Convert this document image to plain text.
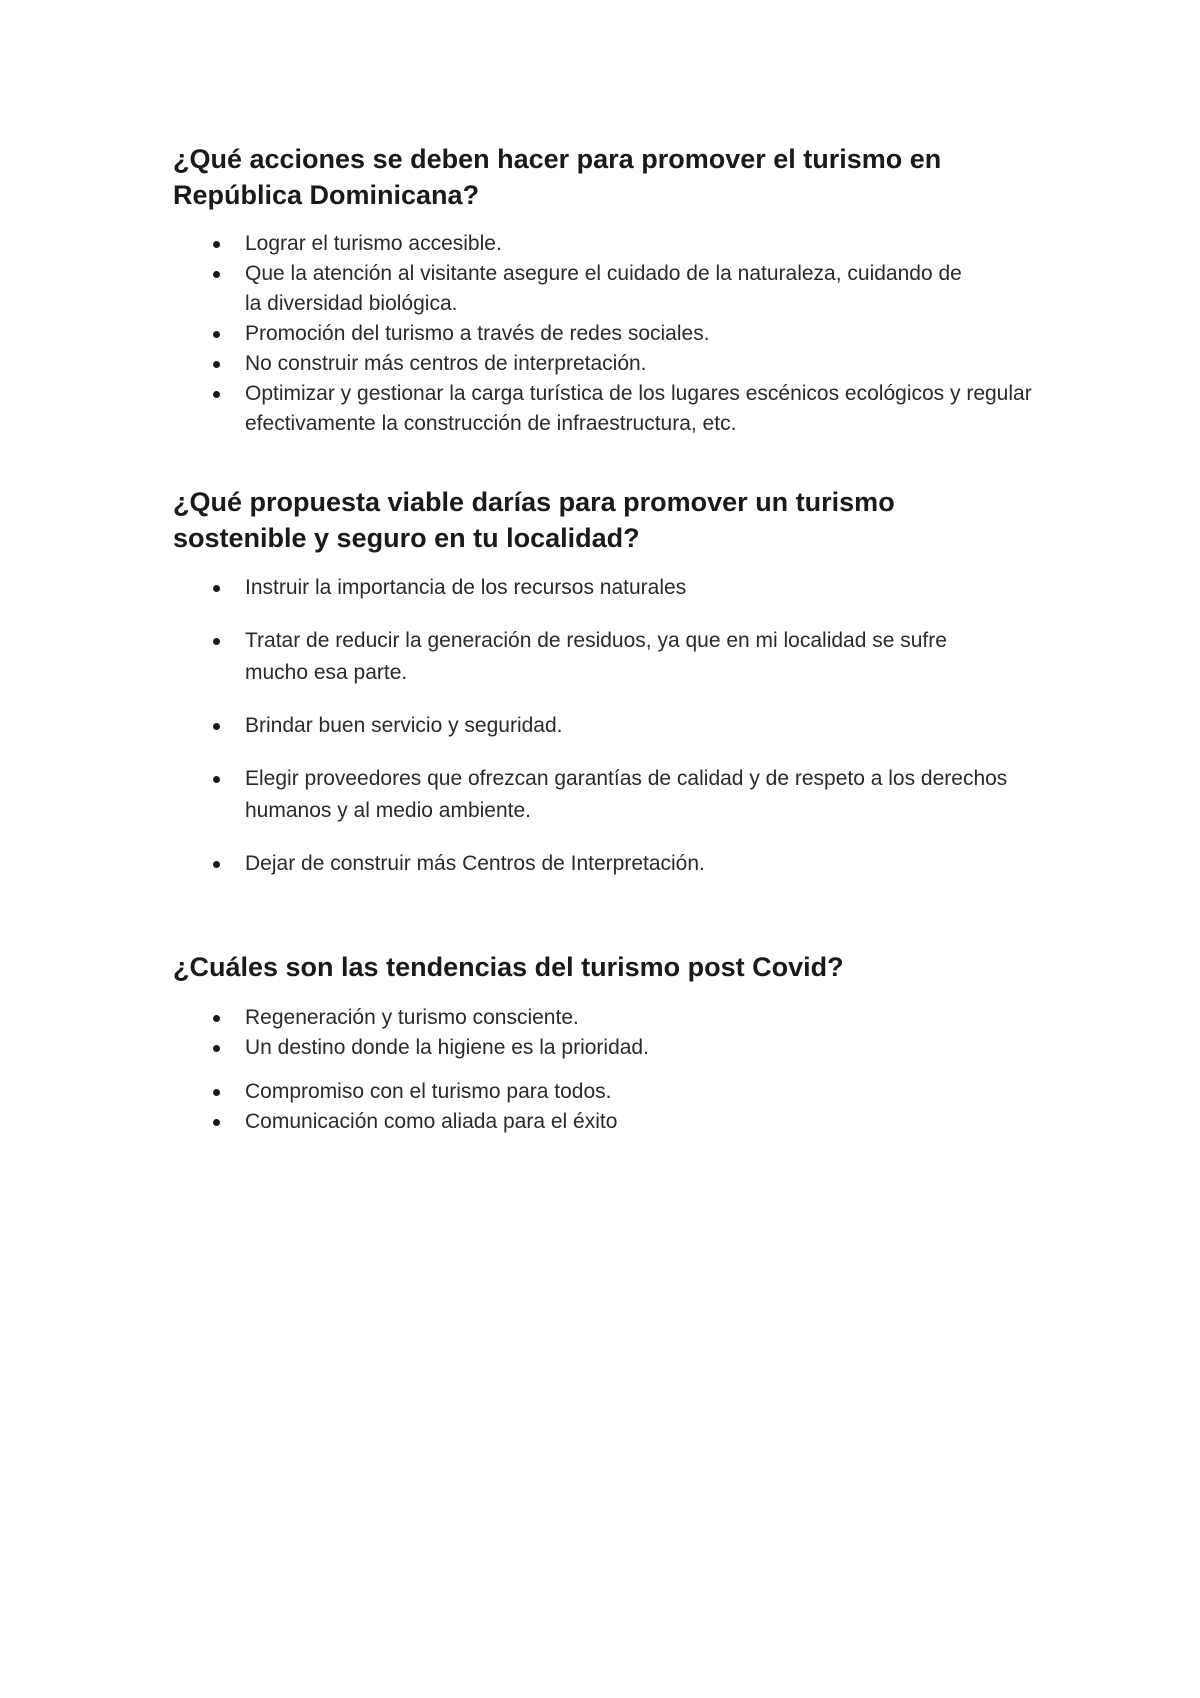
¿Qué acciones se deben hacer para promover el turismo en República Dominicana?
Lograr el turismo accesible.
Que la atención al visitante asegure el cuidado de la naturaleza, cuidando de la diversidad biológica.
Promoción del turismo a través de redes sociales.
No construir más centros de interpretación.
Optimizar y gestionar la carga turística de los lugares escénicos ecológicos y regular efectivamente la construcción de infraestructura, etc.
¿Qué propuesta viable darías para promover un turismo sostenible y seguro en tu localidad?
Instruir la importancia de los recursos naturales
Tratar de reducir la generación de residuos, ya que en mi localidad se sufre mucho esa parte.
Brindar buen servicio y seguridad.
Elegir proveedores que ofrezcan garantías de calidad y de respeto a los derechos humanos y al medio ambiente.
Dejar de construir más Centros de Interpretación.
¿Cuáles son las tendencias del turismo post Covid?
Regeneración y turismo consciente.
Un destino donde la higiene es la prioridad.
Compromiso con el turismo para todos.
Comunicación como aliada para el éxito
